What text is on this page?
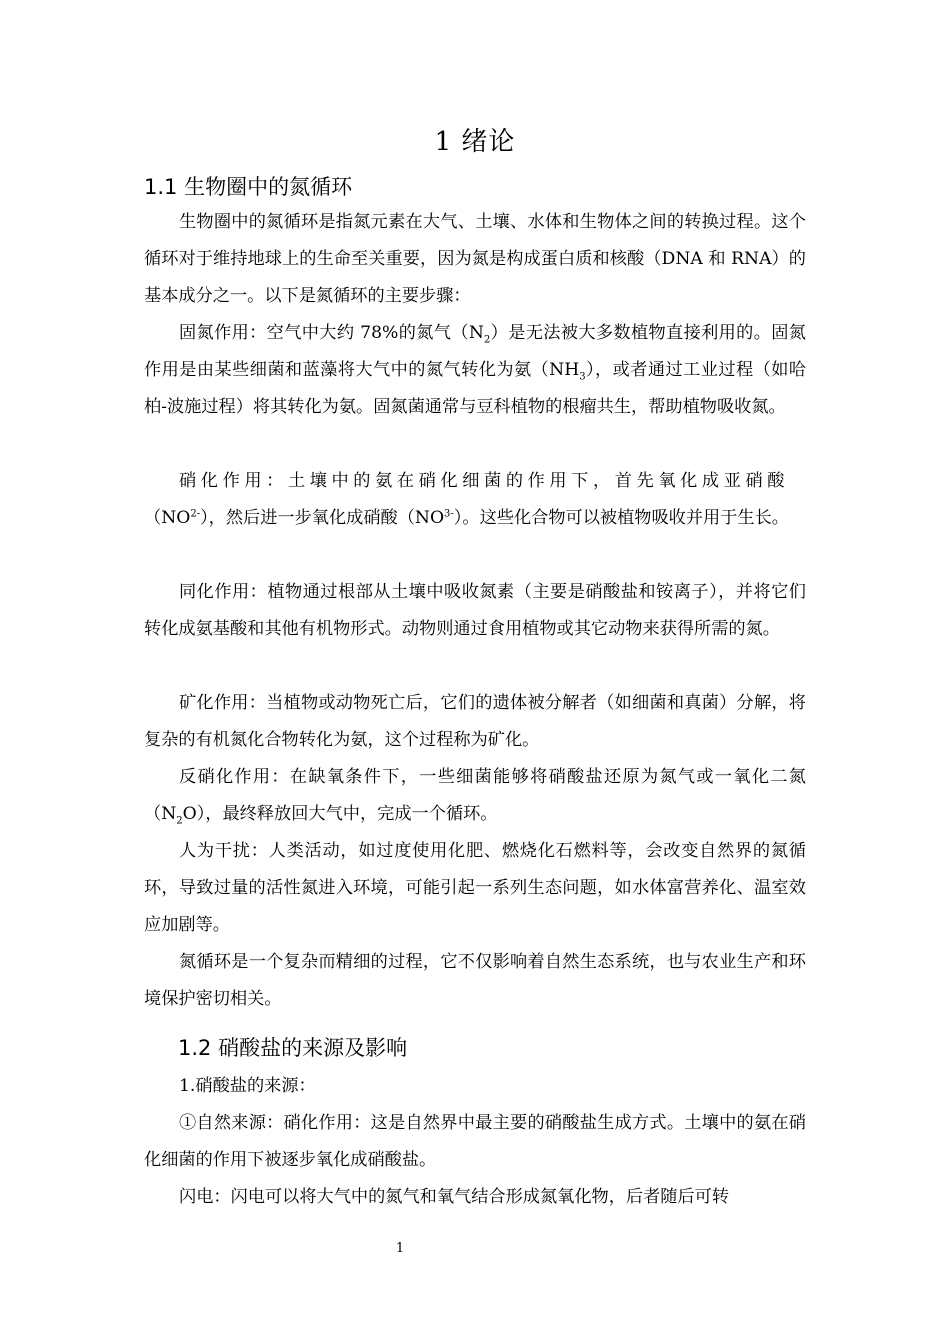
1 绪论
1.1 生物圈中的氮循环

生物圈中的氮循环是指氮元素在大气、土壤、水体和生物体之间的转换过程。这个循环对于维持地球上的生命至关重要，因为氮是构成蛋白质和核酸（DNA 和 RNA）的基本成分之一。以下是氮循环的主要步骤：

固氮作用：空气中大约 78%的氮气$(N_2)$是无法被大多数植物直接利用的。固氮作用是由某些细菌和蓝藻将大气中的氮气转化为氨$(NH_3)$，或者通过工业过程（如哈柏-波施过程）将其转化为氨。固氮菌通常与豆科植物的根瘤共生，帮助植物吸收氮。

硝化作用：土壤中的氨在硝化细菌的作用下，首先氧化成亚硝酸
$(NO^{2-})$，然后进一步氧化成硝酸$(NO^{3-})$。这些化合物可以被植物吸收并用于生长。

同化作用：植物通过根部从土壤中吸收氮素（主要是硝酸盐和铵离子），并将它们转化成氨基酸和其他有机物形式。动物则通过食用植物或其它动物来获得所需的氮。

矿化作用：当植物或动物死亡后，它们的遗体被分解者（如细菌和真菌）分解，将复杂的有机氮化合物转化为氨，这个过程称为矿化。

反硝化作用：在缺氧条件下，一些细菌能够将硝酸盐还原为氮气或一氧化二氮$(N_2O)$，最终释放回大气中，完成一个循环。

人为干扰：人类活动，如过度使用化肥、燃烧化石燃料等，会改变自然界的氮循环，导致过量的活性氮进入环境，可能引起一系列生态问题，如水体富营养化、温室效应加剧等。

氮循环是一个复杂而精细的过程，它不仅影响着自然生态系统，也与农业生产和环境保护密切相关。

1.2 硝酸盐的来源及影响

1.硝酸盐的来源：

①自然来源：硝化作用：这是自然界中最主要的硝酸盐生成方式。土壤中的氨在硝化细菌的作用下被逐步氧化成硝酸盐。

闪电：闪电可以将大气中的氮气和氧气结合形成氮氧化物，后者随后可转

1
